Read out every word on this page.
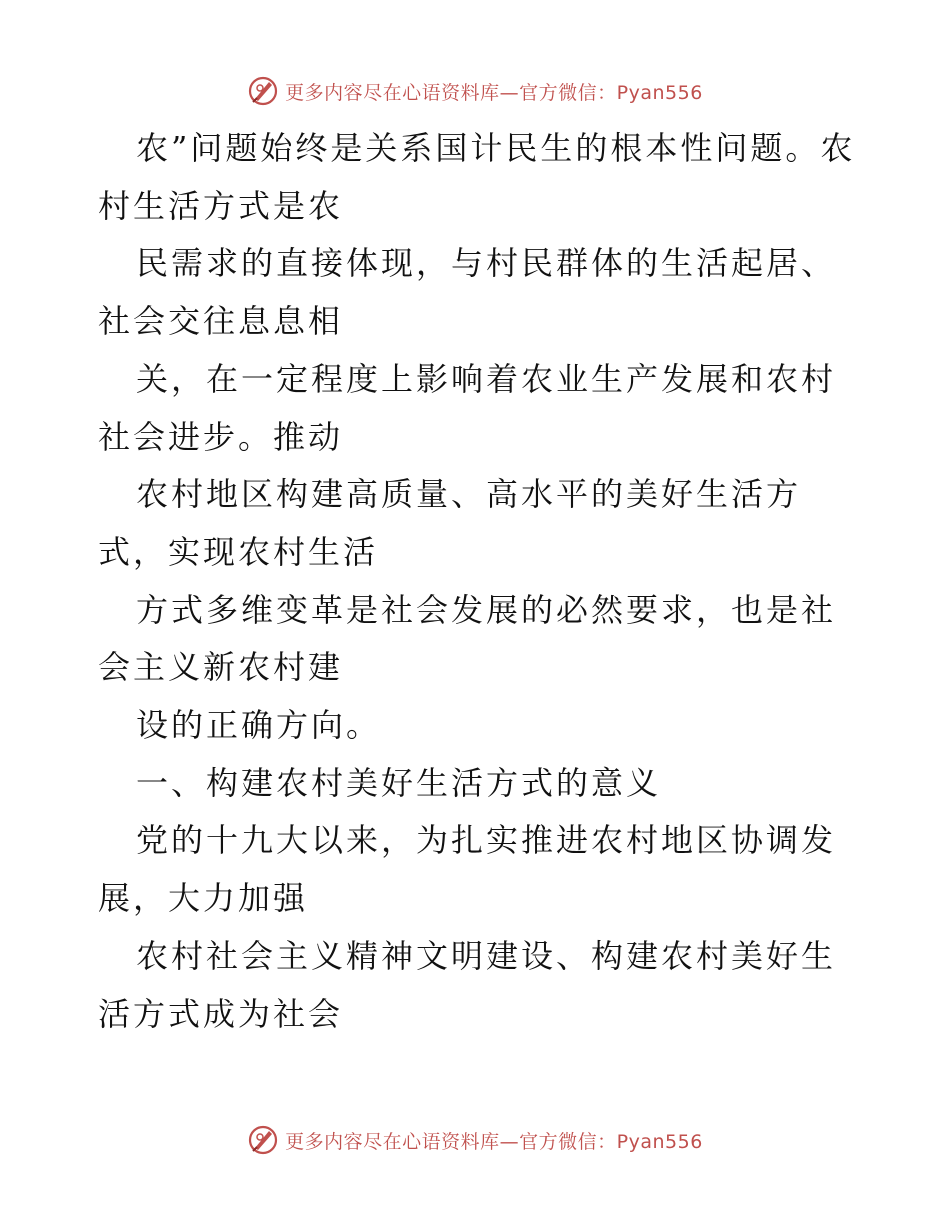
更多内容尽在心语资料库—官方微信：Pyan556

农”问题始终是关系国计民生的根本性问题。农村生活方式是农

民需求的直接体现，与村民群体的生活起居、社会交往息息相

关，在一定程度上影响着农业生产发展和农村社会进步。推动

农村地区构建高质量、高水平的美好生活方式，实现农村生活

方式多维变革是社会发展的必然要求，也是社会主义新农村建

设的正确方向。

一、构建农村美好生活方式的意义

党的十九大以来，为扎实推进农村地区协调发展，大力加强

农村社会主义精神文明建设、构建农村美好生活方式成为社会

更多内容尽在心语资料库—官方微信：Pyan556
